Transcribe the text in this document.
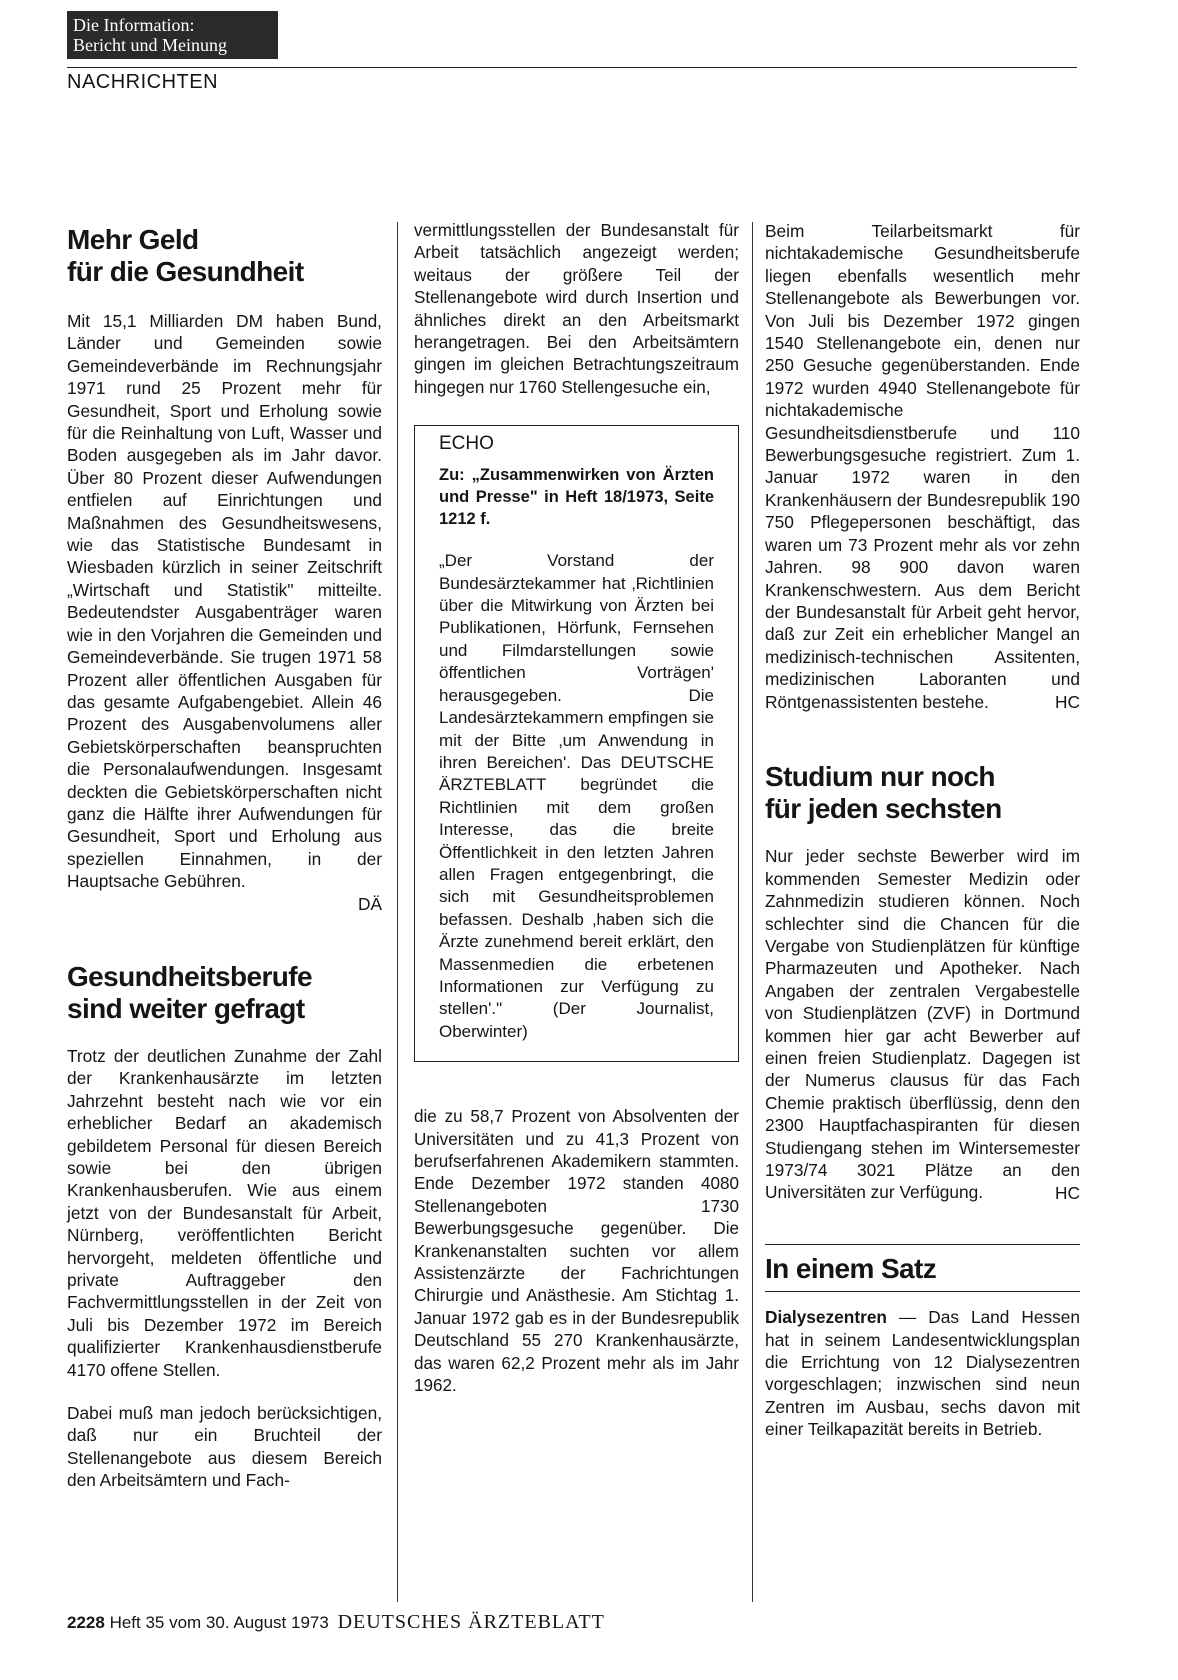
Die Information:
Bericht und Meinung
NACHRICHTEN
Mehr Geld
für die Gesundheit

Mit 15,1 Milliarden DM haben Bund, Länder und Gemeinden sowie Gemeindeverbände im Rechnungsjahr 1971 rund 25 Prozent mehr für Gesundheit, Sport und Erholung sowie für die Reinhaltung von Luft, Wasser und Boden ausgegeben als im Jahr davor. Über 80 Prozent dieser Aufwendungen entfielen auf Einrichtungen und Maßnahmen des Gesundheitswesens, wie das Statistische Bundesamt in Wiesbaden kürzlich in seiner Zeitschrift „Wirtschaft und Statistik" mitteilte. Bedeutendster Ausgabenträger waren wie in den Vorjahren die Gemeinden und Gemeindeverbände. Sie trugen 1971 58 Prozent aller öffentlichen Ausgaben für das gesamte Aufgabengebiet. Allein 46 Prozent des Ausgabenvolumens aller Gebietskörperschaften beanspruchten die Personalaufwendungen. Insgesamt deckten die Gebietskörperschaften nicht ganz die Hälfte ihrer Aufwendungen für Gesundheit, Sport und Erholung aus speziellen Einnahmen, in der Hauptsache Gebühren.
DÄ

Gesundheitsberufe
sind weiter gefragt

Trotz der deutlichen Zunahme der Zahl der Krankenhausärzte im letzten Jahrzehnt besteht nach wie vor ein erheblicher Bedarf an akademisch gebildetem Personal für diesen Bereich sowie bei den übrigen Krankenhausberufen. Wie aus einem jetzt von der Bundesanstalt für Arbeit, Nürnberg, veröffentlichten Bericht hervorgeht, meldeten öffentliche und private Auftraggeber den Fachvermittlungsstellen in der Zeit von Juli bis Dezember 1972 im Bereich qualifizierter Krankenhausdienstberufe 4170 offene Stellen.

Dabei muß man jedoch berücksichtigen, daß nur ein Bruchteil der Stellenangebote aus diesem Bereich den Arbeitsämtern und Fach-

vermittlungsstellen der Bundesanstalt für Arbeit tatsächlich angezeigt werden; weitaus der größere Teil der Stellenangebote wird durch Insertion und ähnliches direkt an den Arbeitsmarkt herangetragen. Bei den Arbeitsämtern gingen im gleichen Betrachtungszeitraum hingegen nur 1760 Stellengesuche ein,

ECHO
Zu: „Zusammenwirken von Ärzten und Presse" in Heft 18/1973, Seite 1212 f.
„Der Vorstand der Bundesärztekammer hat ‚Richtlinien über die Mitwirkung von Ärzten bei Publikationen, Hörfunk, Fernsehen und Filmdarstellungen sowie öffentlichen Vorträgen' herausgegeben. Die Landesärztekammern empfingen sie mit der Bitte ‚um Anwendung in ihren Bereichen'. Das DEUTSCHE ÄRZTEBLATT begründet die Richtlinien mit dem großen Interesse, das die breite Öffentlichkeit in den letzten Jahren allen Fragen entgegenbringt, die sich mit Gesundheitsproblemen befassen. Deshalb ‚haben sich die Ärzte zunehmend bereit erklärt, den Massenmedien die erbetenen Informationen zur Verfügung zu stellen'." (Der Journalist, Oberwinter)

die zu 58,7 Prozent von Absolventen der Universitäten und zu 41,3 Prozent von berufserfahrenen Akademikern stammten. Ende Dezember 1972 standen 4080 Stellenangeboten 1730 Bewerbungsgesuche gegenüber. Die Krankenanstalten suchten vor allem Assistenzärzte der Fachrichtungen Chirurgie und Anästhesie. Am Stichtag 1. Januar 1972 gab es in der Bundesrepublik Deutschland 55 270 Krankenhausärzte, das waren 62,2 Prozent mehr als im Jahr 1962.

Beim Teilarbeitsmarkt für nichtakademische Gesundheitsberufe liegen ebenfalls wesentlich mehr Stellenangebote als Bewerbungen vor. Von Juli bis Dezember 1972 gingen 1540 Stellenangebote ein, denen nur 250 Gesuche gegenüberstanden. Ende 1972 wurden 4940 Stellenangebote für nichtakademische Gesundheitsdienstberufe und 110 Bewerbungsgesuche registriert. Zum 1. Januar 1972 waren in den Krankenhäusern der Bundesrepublik 190 750 Pflegepersonen beschäftigt, das waren um 73 Prozent mehr als vor zehn Jahren. 98 900 davon waren Krankenschwestern. Aus dem Bericht der Bundesanstalt für Arbeit geht hervor, daß zur Zeit ein erheblicher Mangel an medizinisch-technischen Assitenten, medizinischen Laboranten und Röntgenassistenten bestehe.	HC

Studium nur noch
für jeden sechsten

Nur jeder sechste Bewerber wird im kommenden Semester Medizin oder Zahnmedizin studieren können. Noch schlechter sind die Chancen für die Vergabe von Studienplätzen für künftige Pharmazeuten und Apotheker. Nach Angaben der zentralen Vergabestelle von Studienplätzen (ZVF) in Dortmund kommen hier gar acht Bewerber auf einen freien Studienplatz. Dagegen ist der Numerus clausus für das Fach Chemie praktisch überflüssig, denn den 2300 Hauptfachaspiranten für diesen Studiengang stehen im Wintersemester 1973/74 3021 Plätze an den Universitäten zur Verfügung.	HC

In einem Satz

Dialysezentren — Das Land Hessen hat in seinem Landesentwicklungsplan die Errichtung von 12 Dialysezentren vorgeschlagen; inzwischen sind neun Zentren im Ausbau, sechs davon mit einer Teilkapazität bereits in Betrieb.

2228 Heft 35 vom 30. August 1973 DEUTSCHES ÄRZTEBLATT
